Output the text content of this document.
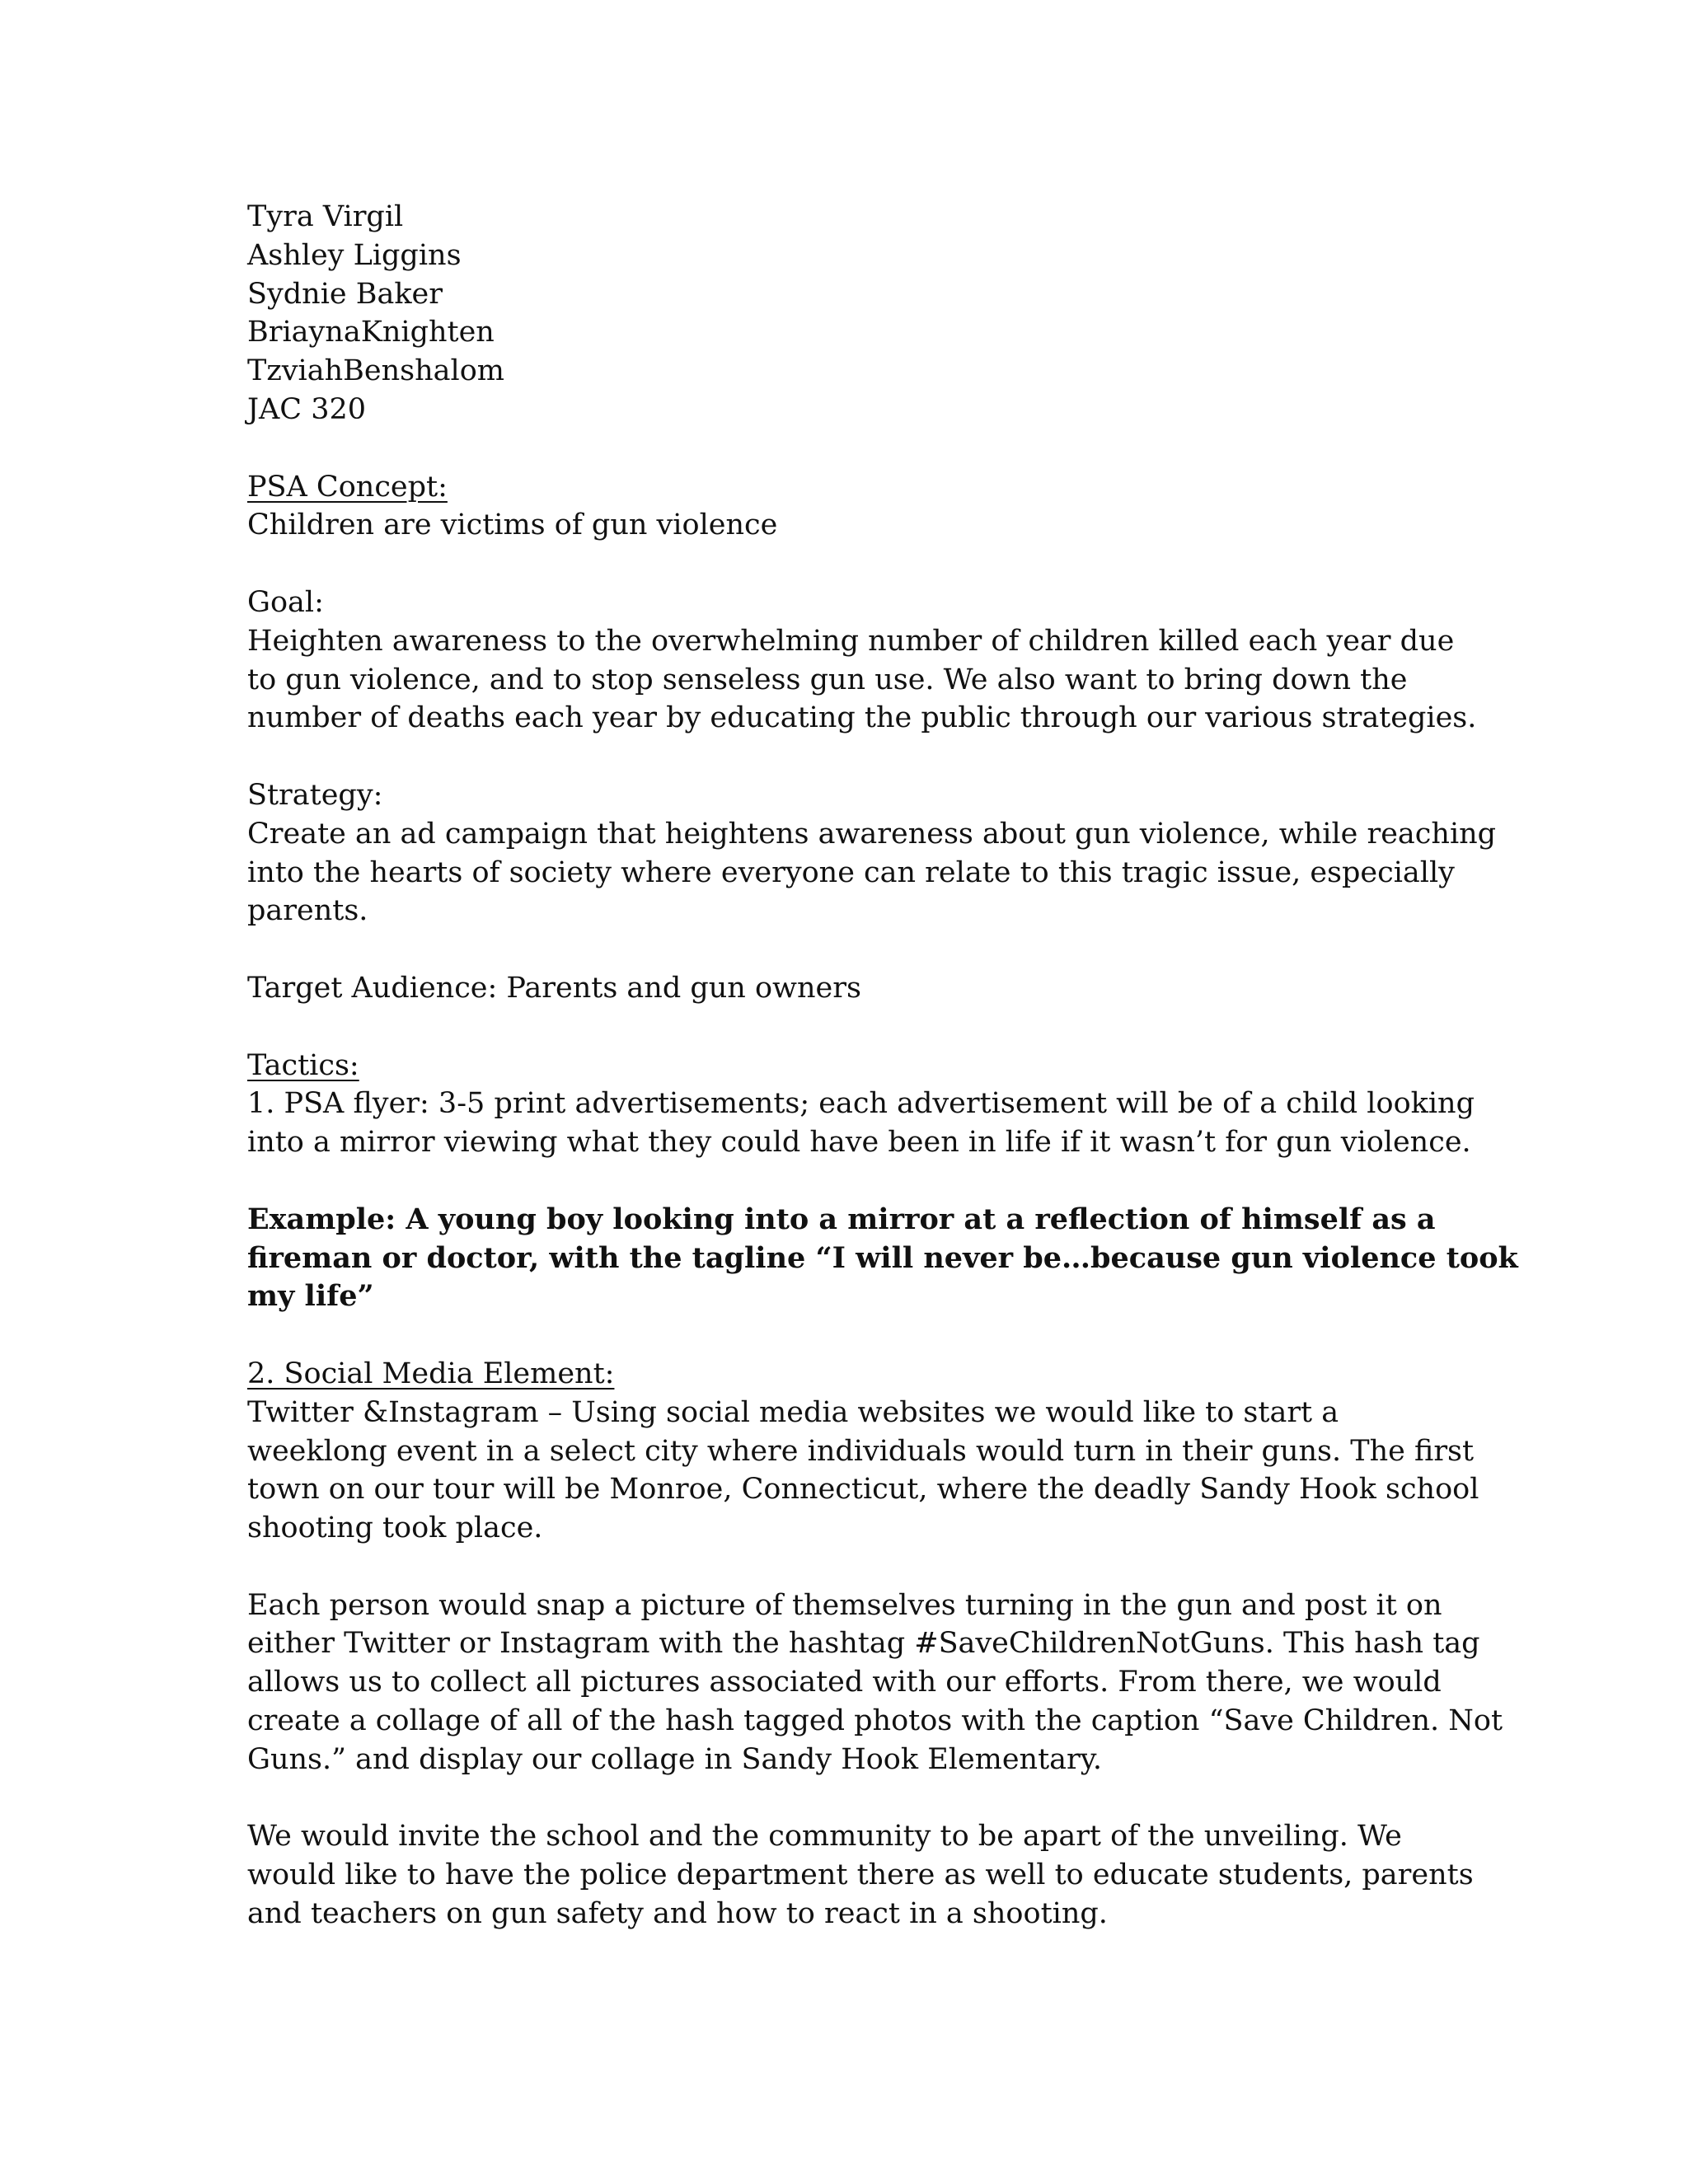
Tyra Virgil
Ashley Liggins
Sydnie Baker
BriaynaKnighten
TzviahBenshalom
JAC 320
PSA Concept:
Children are victims of gun violence
Goal:
Heighten awareness to the overwhelming number of children killed each year due
to gun violence, and to stop senseless gun use. We also want to bring down the
number of deaths each year by educating the public through our various strategies.
Strategy:
Create an ad campaign that heightens awareness about gun violence, while reaching
into the hearts of society where everyone can relate to this tragic issue, especially
parents.
Target Audience: Parents and gun owners
Tactics:
1. PSA flyer: 3-5 print advertisements; each advertisement will be of a child looking
into a mirror viewing what they could have been in life if it wasn’t for gun violence.
Example: A young boy looking into a mirror at a reflection of himself as a
fireman or doctor, with the tagline “I will never be…because gun violence took
my life”
2. Social Media Element:
Twitter &Instagram – Using social media websites we would like to start a
weeklong event in a select city where individuals would turn in their guns. The first
town on our tour will be Monroe, Connecticut, where the deadly Sandy Hook school
shooting took place.
Each person would snap a picture of themselves turning in the gun and post it on
either Twitter or Instagram with the hashtag #SaveChildrenNotGuns. This hash tag
allows us to collect all pictures associated with our efforts. From there, we would
create a collage of all of the hash tagged photos with the caption “Save Children. Not
Guns.” and display our collage in Sandy Hook Elementary.
We would invite the school and the community to be apart of the unveiling. We
would like to have the police department there as well to educate students, parents
and teachers on gun safety and how to react in a shooting.
